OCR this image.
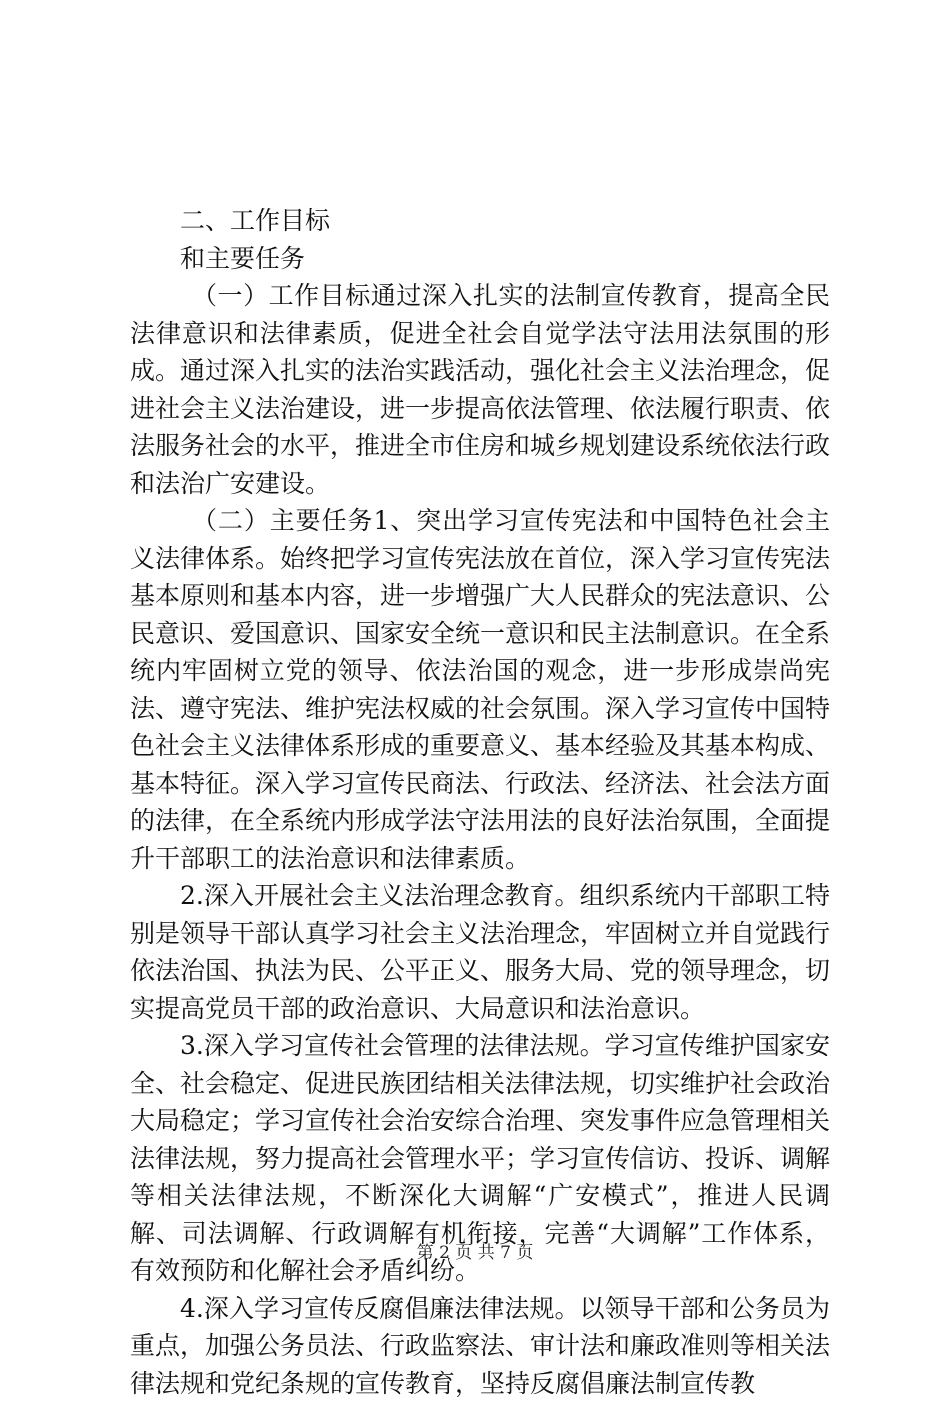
二、工作目标

和主要任务

（一）工作目标通过深入扎实的法制宣传教育，提高全民法律意识和法律素质，促进全社会自觉学法守法用法氛围的形成。通过深入扎实的法治实践活动，强化社会主义法治理念，促进社会主义法治建设，进一步提高依法管理、依法履行职责、依法服务社会的水平，推进全市住房和城乡规划建设系统依法行政和法治广安建设。

（二）主要任务1、突出学习宣传宪法和中国特色社会主义法律体系。始终把学习宣传宪法放在首位，深入学习宣传宪法基本原则和基本内容，进一步增强广大人民群众的宪法意识、公民意识、爱国意识、国家安全统一意识和民主法制意识。在全系统内牢固树立党的领导、依法治国的观念，进一步形成崇尚宪法、遵守宪法、维护宪法权威的社会氛围。深入学习宣传中国特色社会主义法律体系形成的重要意义、基本经验及其基本构成、基本特征。深入学习宣传民商法、行政法、经济法、社会法方面的法律，在全系统内形成学法守法用法的良好法治氛围，全面提升干部职工的法治意识和法律素质。

2.深入开展社会主义法治理念教育。组织系统内干部职工特别是领导干部认真学习社会主义法治理念，牢固树立并自觉践行依法治国、执法为民、公平正义、服务大局、党的领导理念，切实提高党员干部的政治意识、大局意识和法治意识。

3.深入学习宣传社会管理的法律法规。学习宣传维护国家安全、社会稳定、促进民族团结相关法律法规，切实维护社会政治大局稳定；学习宣传社会治安综合治理、突发事件应急管理相关法律法规，努力提高社会管理水平；学习宣传信访、投诉、调解等相关法律法规，不断深化大调解“广安模式”，推进人民调解、司法调解、行政调解有机衔接，完善“大调解”工作体系，有效预防和化解社会矛盾纠纷。

4.深入学习宣传反腐倡廉法律法规。以领导干部和公务员为重点，加强公务员法、行政监察法、审计法和廉政准则等相关法律法规和党纪条规的宣传教育，坚持反腐倡廉法制宣传教

第 2 页 共 7 页
